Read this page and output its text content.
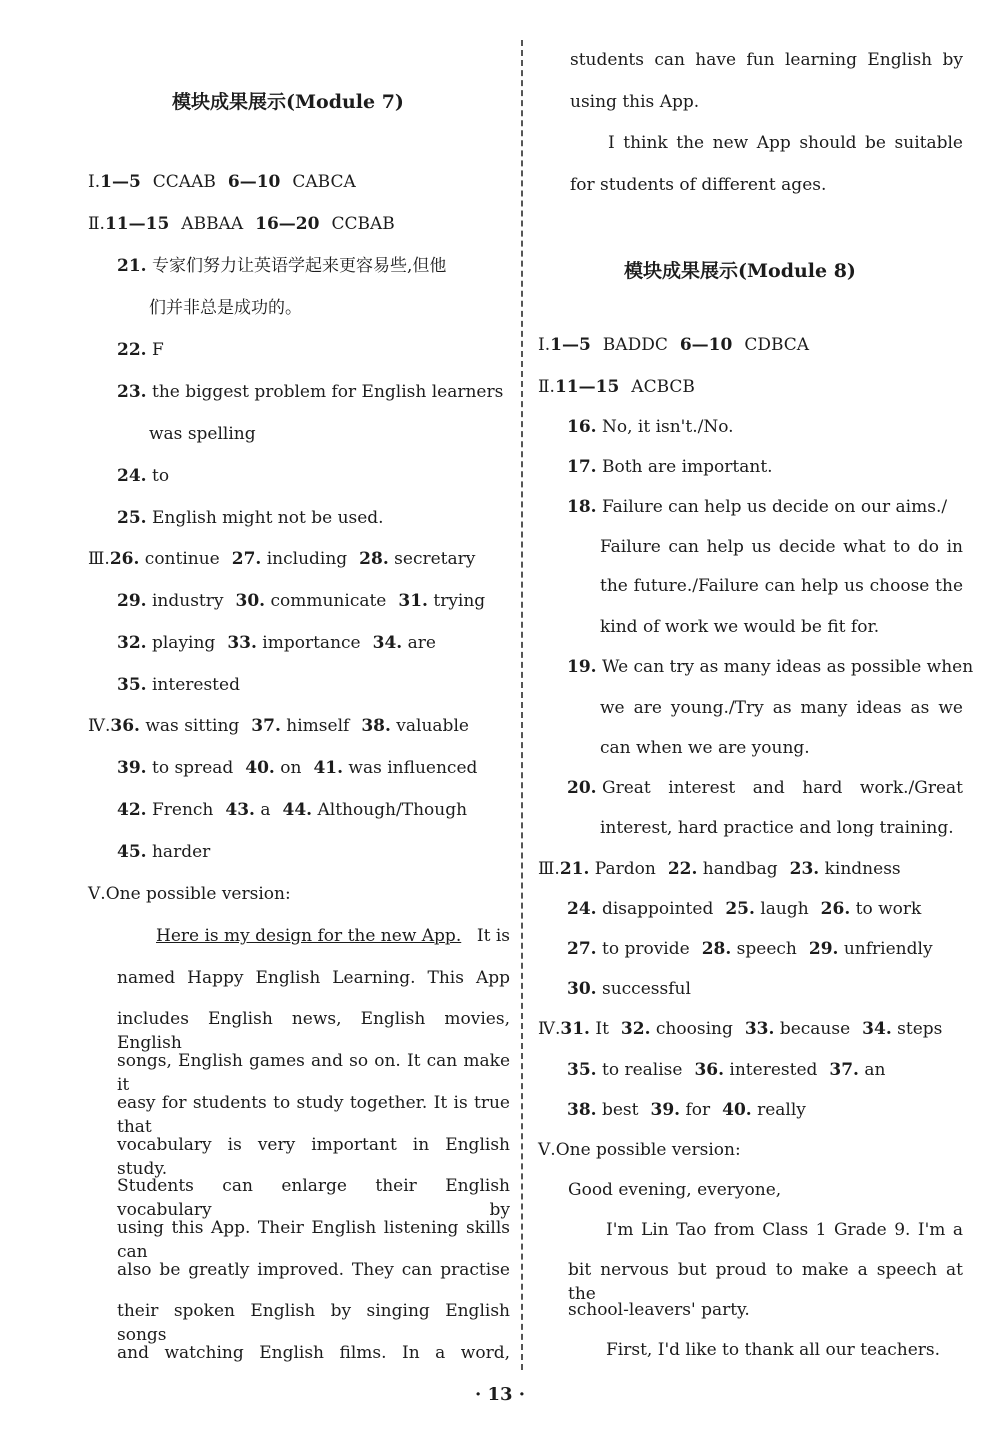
模块成果展示(Module 7)
Ⅰ.1—5 CCAAB 6—10 CABCA
Ⅱ.11—15 ABBAA 16—20 CCBAB
21. 专家们努力让英语学起来更容易些,但他
们并非总是成功的。
22. F
23. the biggest problem for English learners
was spelling
24. to
25. English might not be used.
Ⅲ.26. continue 27. including 28. secretary
29. industry 30. communicate 31. trying
32. playing 33. importance 34. are
35. interested
Ⅳ.36. was sitting 37. himself 38. valuable
39. to spread 40. on 41. was influenced
42. French 43. a 44. Although/Though
45. harder
Ⅴ.One possible version:
Here is my design for the new App. It is
named Happy English Learning. This App
includes English news, English movies, English
songs, English games and so on. It can make it
easy for students to study together. It is true that
vocabulary is very important in English study.
Students can enlarge their English vocabulary by
using this App. Their English listening skills can
also be greatly improved. They can practise
their spoken English by singing English songs
and watching English films. In a word,
students can have fun learning English by
using this App.
I think the new App should be suitable
for students of different ages.
模块成果展示(Module 8)
Ⅰ.1—5 BADDC 6—10 CDBCA
Ⅱ.11—15 ACBCB
16. No, it isn't./No.
17. Both are important.
18. Failure can help us decide on our aims./
Failure can help us decide what to do in
the future./Failure can help us choose the
kind of work we would be fit for.
19. We can try as many ideas as possible when
we are young./Try as many ideas as we
can when we are young.
20.
Great interest and hard work./Great
interest, hard practice and long training.
Ⅲ.21. Pardon 22. handbag 23. kindness
24. disappointed 25. laugh 26. to work
27. to provide 28. speech 29. unfriendly
30. successful
Ⅳ.31. It 32. choosing 33. because 34. steps
35. to realise 36. interested 37. an
38. best 39. for 40. really
Ⅴ.One possible version:
Good evening, everyone,
I'm Lin Tao from Class 1 Grade 9. I'm a
bit nervous but proud to make a speech at the
school-leavers' party.
First, I'd like to thank all our teachers.
· 13 ·
